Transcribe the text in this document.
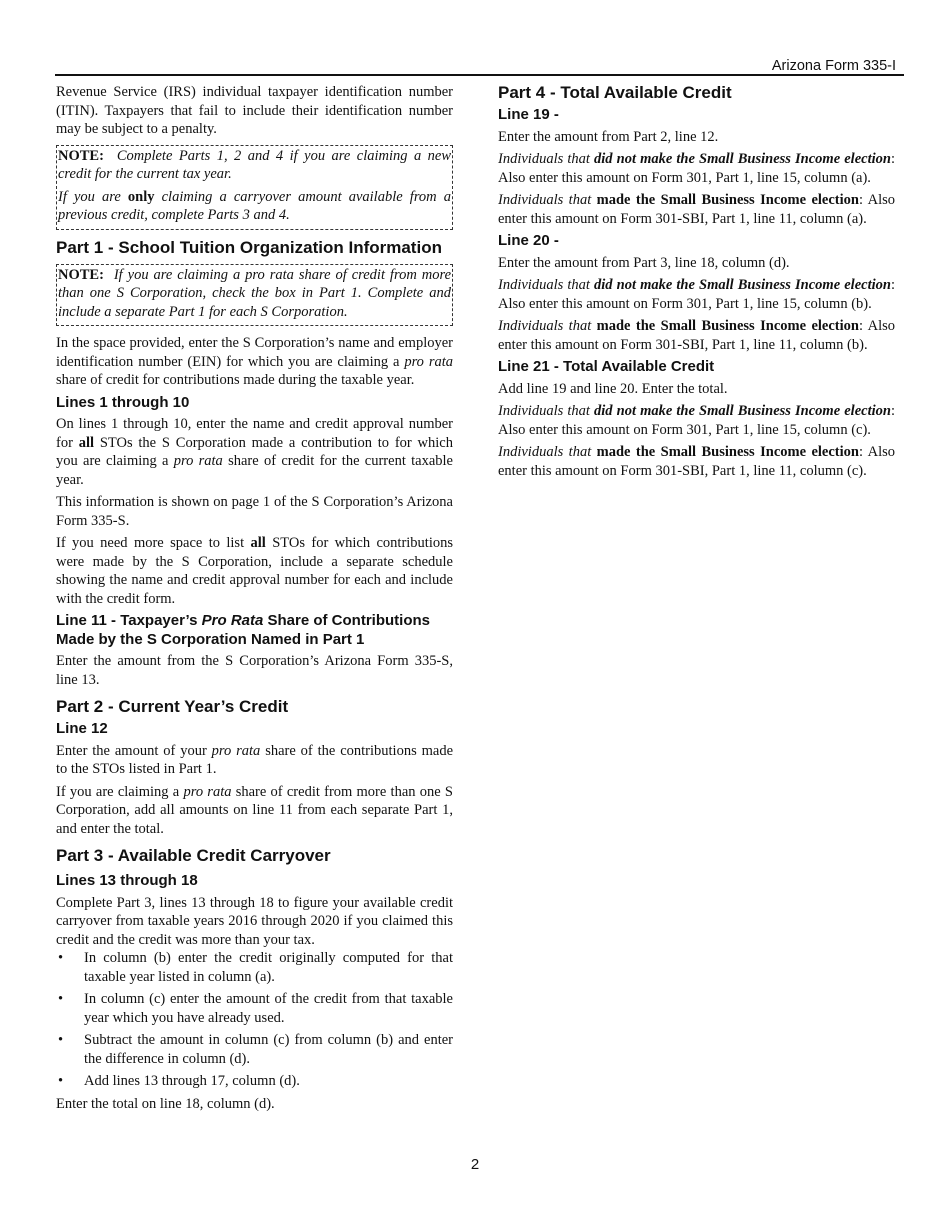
Arizona Form 335-I

Revenue Service (IRS) individual taxpayer identification number (ITIN). Taxpayers that fail to include their identification number may be subject to a penalty.

NOTE: Complete Parts 1, 2 and 4 if you are claiming a new credit for the current tax year.

If you are only claiming a carryover amount available from a previous credit, complete Parts 3 and 4.

Part 1 - School Tuition Organization Information

NOTE: If you are claiming a pro rata share of credit from more than one S Corporation, check the box in Part 1. Complete and include a separate Part 1 for each S Corporation.

In the space provided, enter the S Corporation’s name and employer identification number (EIN) for which you are claiming a pro rata share of credit for contributions made during the taxable year.

Lines 1 through 10

On lines 1 through 10, enter the name and credit approval number for all STOs the S Corporation made a contribution to for which you are claiming a pro rata share of credit for the current taxable year.

This information is shown on page 1 of the S Corporation’s Arizona Form 335-S.

If you need more space to list all STOs for which contributions were made by the S Corporation, include a separate schedule showing the name and credit approval number for each and include with the credit form.

Line 11 - Taxpayer’s Pro Rata Share of Contributions Made by the S Corporation Named in Part 1

Enter the amount from the S Corporation’s Arizona Form 335-S, line 13.

Part 2 - Current Year’s Credit
Line 12

Enter the amount of your pro rata share of the contributions made to the STOs listed in Part 1.

If you are claiming a pro rata share of credit from more than one S Corporation, add all amounts on line 11 from each separate Part 1, and enter the total.

Part 3 - Available Credit Carryover
Lines 13 through 18

Complete Part 3, lines 13 through 18 to figure your available credit carryover from taxable years 2016 through 2020 if you claimed this credit and the credit was more than your tax.

• In column (b) enter the credit originally computed for that taxable year listed in column (a).
• In column (c) enter the amount of the credit from that taxable year which you have already used.
• Subtract the amount in column (c) from column (b) and enter the difference in column (d).
• Add lines 13 through 17, column (d).

Enter the total on line 18, column (d).

Part 4 - Total Available Credit
Line 19 -

Enter the amount from Part 2, line 12.

Individuals that did not make the Small Business Income election: Also enter this amount on Form 301, Part 1, line 15, column (a).

Individuals that made the Small Business Income election: Also enter this amount on Form 301-SBI, Part 1, line 11, column (a).

Line 20 -

Enter the amount from Part 3, line 18, column (d).

Individuals that did not make the Small Business Income election: Also enter this amount on Form 301, Part 1, line 15, column (b).

Individuals that made the Small Business Income election: Also enter this amount on Form 301-SBI, Part 1, line 11, column (b).

Line 21 - Total Available Credit

Add line 19 and line 20. Enter the total.

Individuals that did not make the Small Business Income election: Also enter this amount on Form 301, Part 1, line 15, column (c).

Individuals that made the Small Business Income election: Also enter this amount on Form 301-SBI, Part 1, line 11, column (c).

2
